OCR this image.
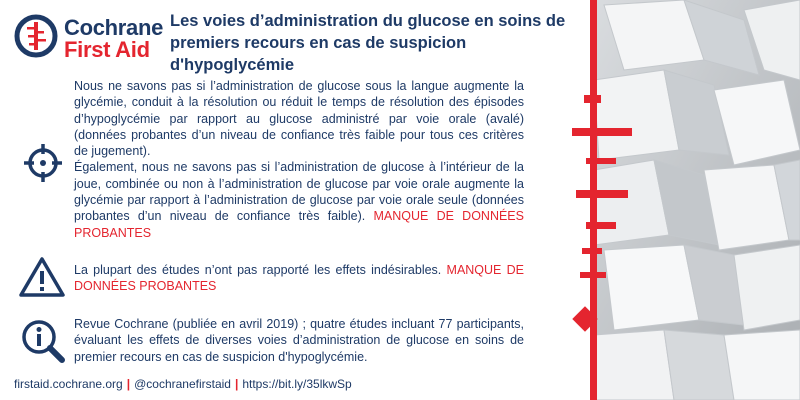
Cochrane
First Aid
Les voies d’administration du glucose en soins de premiers recours en cas de suspicion d'hypoglycémie
Nous ne savons pas si l’administration de glucose sous la langue augmente la glycémie, conduit à la résolution ou réduit le temps de résolution des épisodes d’hypoglycémie par rapport au glucose administré par voie orale (avalé) (données probantes d’un niveau de confiance très faible pour tous ces critères de jugement).
Également, nous ne savons pas si l’administration de glucose à l’intérieur de la joue, combinée ou non à l’administration de glucose par voie orale augmente la glycémie par rapport à l’administration de glucose par voie orale seule (données probantes d’un niveau de confiance très faible). MANQUE DE DONNÉES PROBANTES
La plupart des études n’ont pas rapporté les effets indésirables. MANQUE DE DONNÉES PROBANTES
Revue Cochrane (publiée en avril 2019) ; quatre études incluant 77 participants, évaluant les effets de diverses voies d’administration de glucose en soins de premier recours en cas de suspicion d'hypoglycémie.
firstaid.cochrane.org | @cochranefirstaid | https://bit.ly/35lkwSp
